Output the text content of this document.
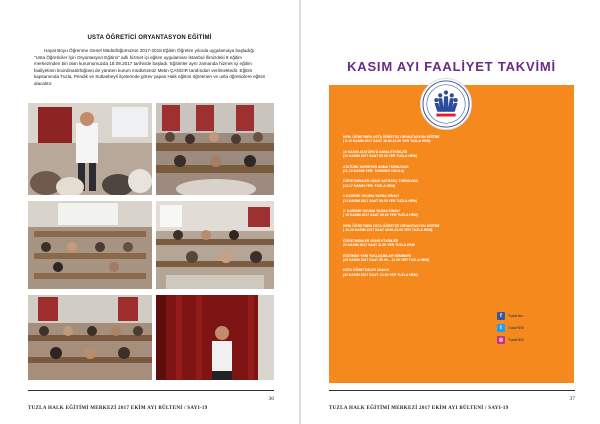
USTA ÖĞRETİCİ ORYANTASYON EĞİTİMİ

Hayat Boyu Öğrenme Genel Müdürlüğümüzün 2017-2018 Eğitim Öğretim yılında uygulamaya başladığı "Usta Öğreticiler İçin Oryantasyon Eğitimi" adlı hizmet içi eğitim uygulaması İstanbul İlimizdeki 8 eğitim merkezinden biri olan kurumumuzda 18.09.2017 tarihinde başladı. Eğitimler aynı zamanda hizmet içi eğitim faaliyetinin koordinatörlüğünü de yürüten kurum müdürümüz Metin ÇANGIR tarafından verilmektedir. Eğitim kapsamında Tuzla, Pendik ve Sultanbeyli ilçelerinde görev yapan Halk eğitimi öğretmen ve usta öğreticilere eğitim alacaktır.

TUZLA HALK EĞİTİMİ MERKEZİ 2017 EKİM AYI BÜLTENİ / SAYI-19
36
KASIM AYI FAALİYET TAKVİMİ
HEM. ÖĞRETMEN USTA ÖĞRETİCİ ORYANTASYON EĞİTİMİ
( 6-10 KASIM 2017 SAAT 16.00-21.00 YER TUZLA HEM)
10 KASIM ATATÜRK'Ü ANMA ETKİNLİĞİ
(10 KASIM 2017 SAAT 09.05 YER TUZLA HEM)
ATATÜRK KURSİYER ANMA TURNUVASI
(11-12 KASIM YER: TANIMSIZ OKULU)
ÖĞRETMENLER GÜNÜ SATRANÇ TURNUVASI
(13-17 KASIM YER: TUZLA HEM)
1.KADEME OKUMA YAZMA SINAVI
(14 KASIM 2017 SAAT 09.00 YER TUZLA HEM)
2. KADEME OKUMA YAZMA SINAVI
( 15 KASIM 2017 SAAT 09.00 YER TUZLA HEM)
HEM. ÖĞRETMEN USTA ÖĞRETİCİ ORYANTASYON EĞİTİMİ
( 16-20 KASIM 2017 SAAT 16.00-21.00 YER TUZLA HEM)
ÖĞRETMENLER GÜNÜ ETKİNLİĞİ
24 KASIM 2017 SAAT 11.00 YER TUZLA HEM
EĞİTİMDE YENİ YAKLAŞIMLAR SEMİNERİ
(28 KASIM 2017 SAAT 09.00 – 12.00 YER TUZLA HEM)
USTA ÖĞRETİCİLER OKULU
(30 KASIM 2017 SAAT: 13.00 YER TUZLA HEM)
f	TuzlaHem
t	TuzlaHEM
◎	TuzlaHEM
TUZLA HALK EĞİTİMİ MERKEZİ 2017 EKİM AYI BÜLTENİ / SAYI-19
37
